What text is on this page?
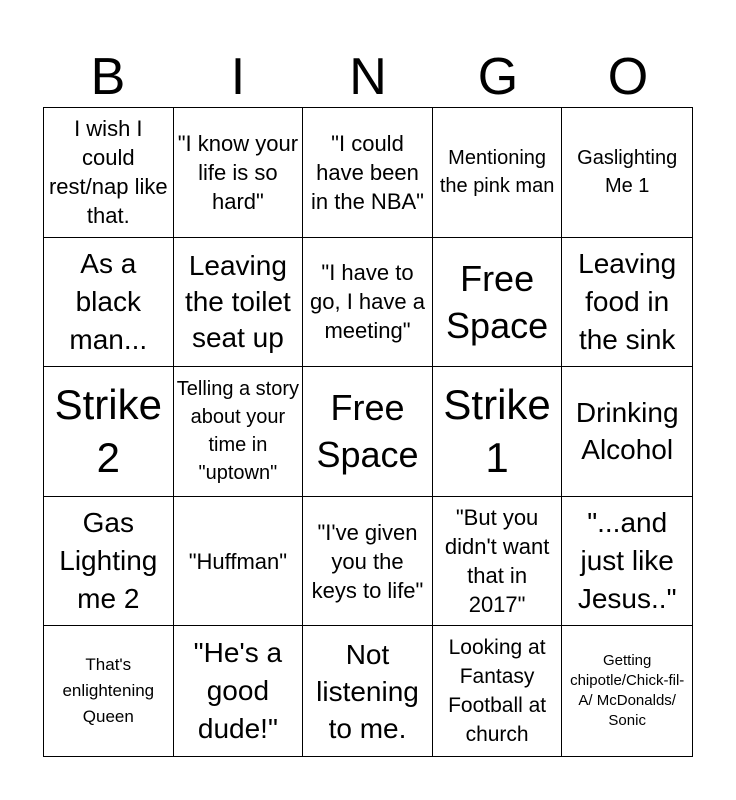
B	I	N	G	O
I wish I could rest/nap like that.
"I know your life is so hard"
"I could have been in the NBA"
Mentioning the pink man
Gaslighting Me 1
As a black man...
Leaving the toilet seat up
"I have to go, I have a meeting"
Free Space
Leaving food in the sink
Strike 2
Telling a story about your time in "uptown"
Free Space
Strike 1
Drinking Alcohol
Gas Lighting me 2
"Huffman"
"I've given you the keys to life"
"But you didn't want that in 2017"
"...and just like Jesus.."
That's enlightening Queen
"He's a good dude!"
Not listening to me.
Looking at Fantasy Football at church
Getting chipotle/Chick-fil-A/ McDonalds/ Sonic
